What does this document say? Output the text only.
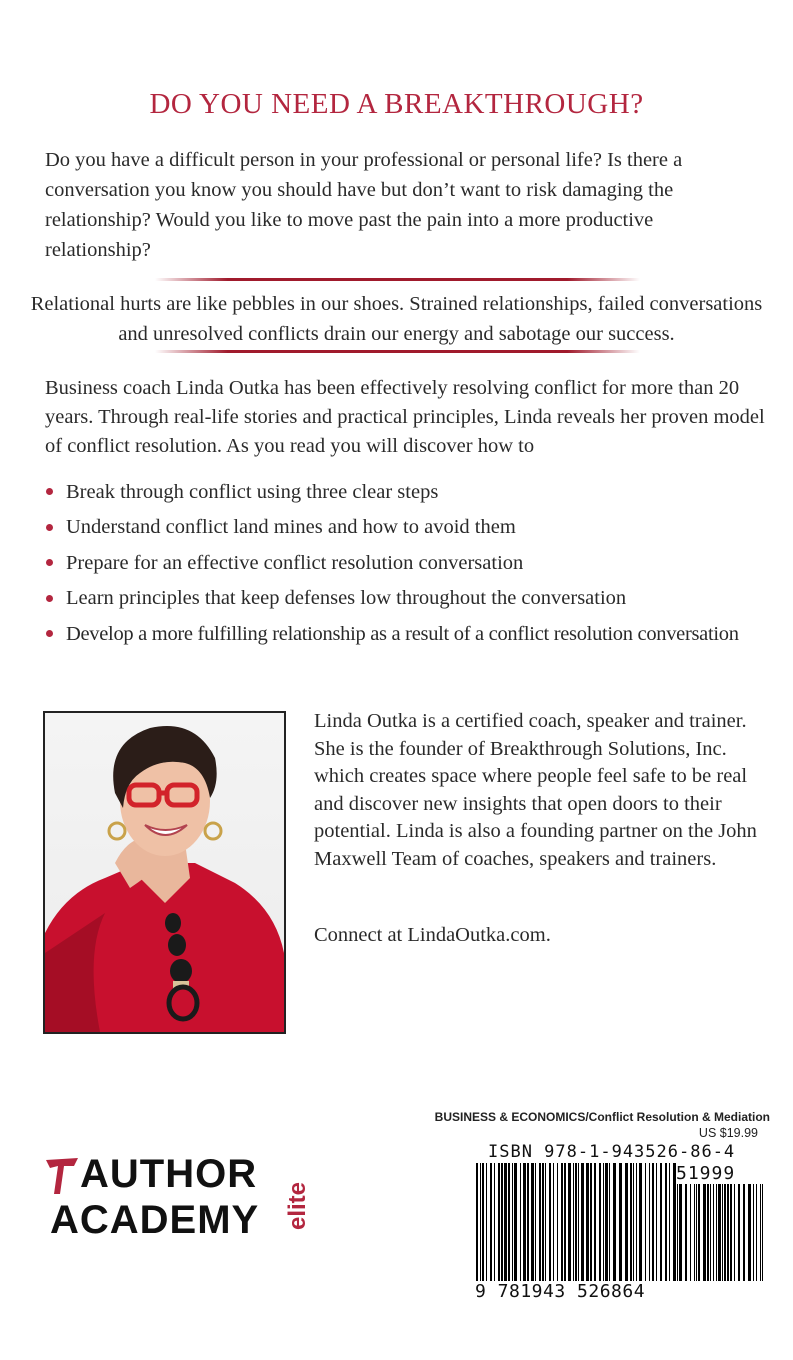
DO YOU NEED A BREAKTHROUGH?

Do you have a difficult person in your professional or personal life? Is there a conversation you know you should have but don’t want to risk damaging the relationship? Would you like to move past the pain into a more productive relationship?

Relational hurts are like pebbles in our shoes. Strained relationships, failed conversations and unresolved conflicts drain our energy and sabotage our success.

Business coach Linda Outka has been effectively resolving conflict for more than 20 years. Through real-life stories and practical principles, Linda reveals her proven model of conflict resolution. As you read you will discover how to

Break through conflict using three clear steps
Understand conflict land mines and how to avoid them
Prepare for an effective conflict resolution conversation
Learn principles that keep defenses low throughout the conversation
Develop a more fulfilling relationship as a result of a conflict resolution conversation

Linda Outka is a certified coach, speaker and trainer. She is the founder of Breakthrough Solutions, Inc. which creates space where people feel safe to be real and discover new insights that open doors to their potential. Linda is also a founding partner on the John Maxwell Team of coaches, speakers and trainers.

Connect at LindaOutka.com.

AUTHOR
ACADEMY elite

BUSINESS & ECONOMICS/Conflict Resolution & Mediation

US $19.99

ISBN 978-1-943526-86-4

51999

9 781943 526864
